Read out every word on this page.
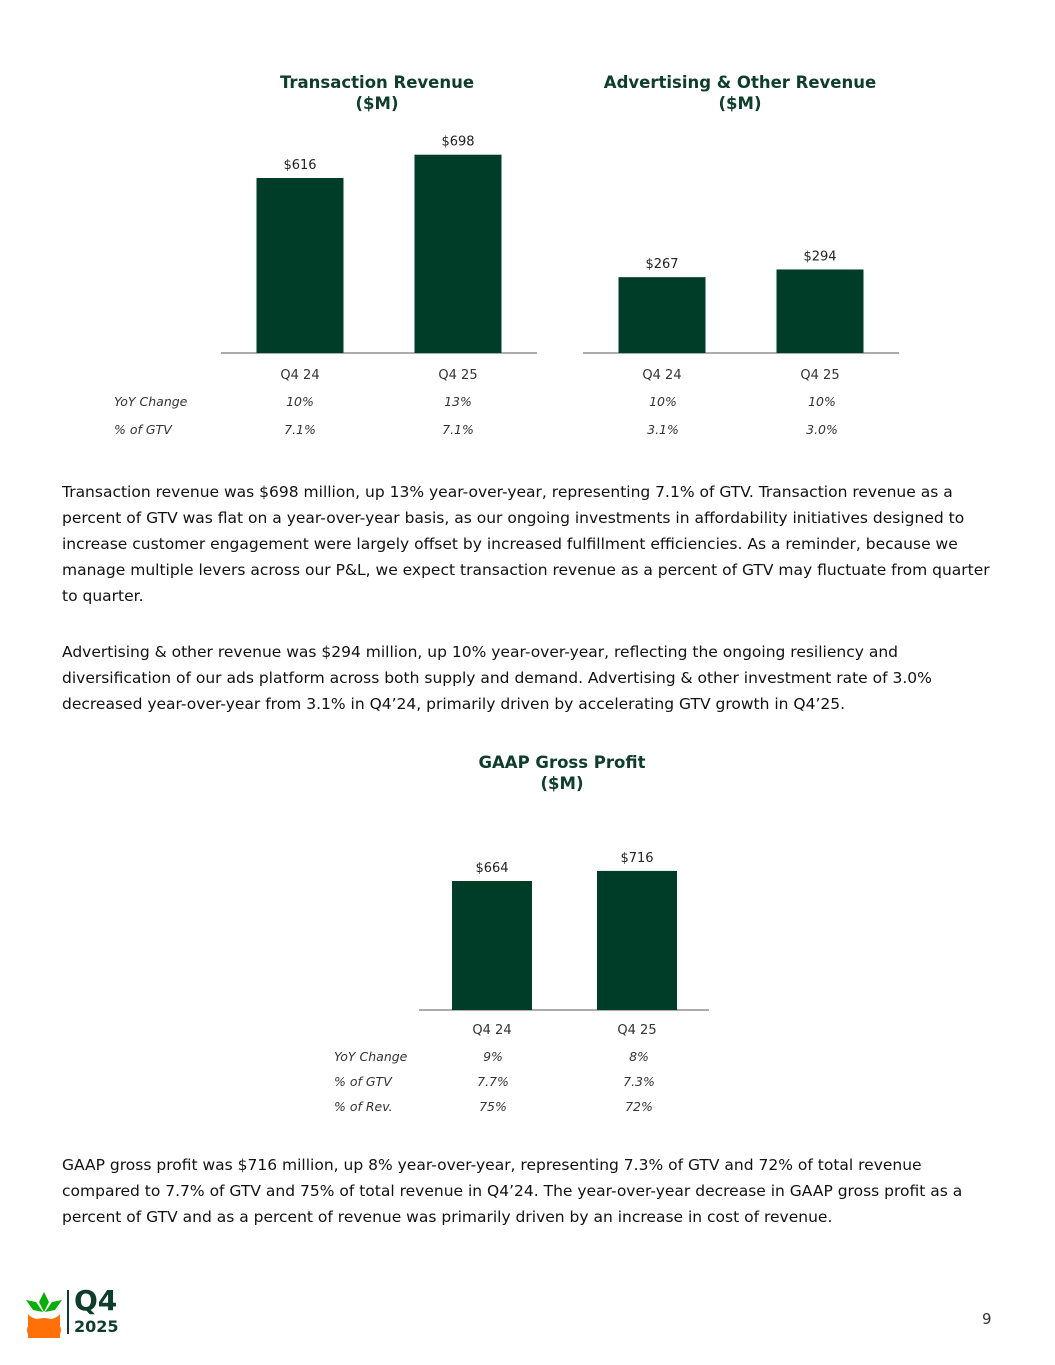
Transaction Revenue
($M)
$616
Q4 24
$698
Q4 25
Advertising & Other Revenue
($M)
$267
Q4 24
$294
Q4 25
YoY Change	10%	13%	10%	10%
% of GTV	7.1%	7.1%	3.1%	3.0%

Transaction revenue was $698 million, up 13% year-over-year, representing 7.1% of GTV. Transaction revenue as a percent of GTV was flat on a year-over-year basis, as our ongoing investments in affordability initiatives designed to increase customer engagement were largely offset by increased fulfillment efficiencies. As a reminder, because we manage multiple levers across our P&L, we expect transaction revenue as a percent of GTV may fluctuate from quarter to quarter.

Advertising & other revenue was $294 million, up 10% year-over-year, reflecting the ongoing resiliency and diversification of our ads platform across both supply and demand. Advertising & other investment rate of 3.0% decreased year-over-year from 3.1% in Q4’24, primarily driven by accelerating GTV growth in Q4’25.

GAAP Gross Profit
($M)
$664
Q4 24
$716
Q4 25
YoY Change	9%	8%
% of GTV	7.7%	7.3%
% of Rev.	75%	72%

GAAP gross profit was $716 million, up 8% year-over-year, representing 7.3% of GTV and 72% of total revenue compared to 7.7% of GTV and 75% of total revenue in Q4’24. The year-over-year decrease in GAAP gross profit as a percent of GTV and as a percent of revenue was primarily driven by an increase in cost of revenue.

Q4
2025	9
